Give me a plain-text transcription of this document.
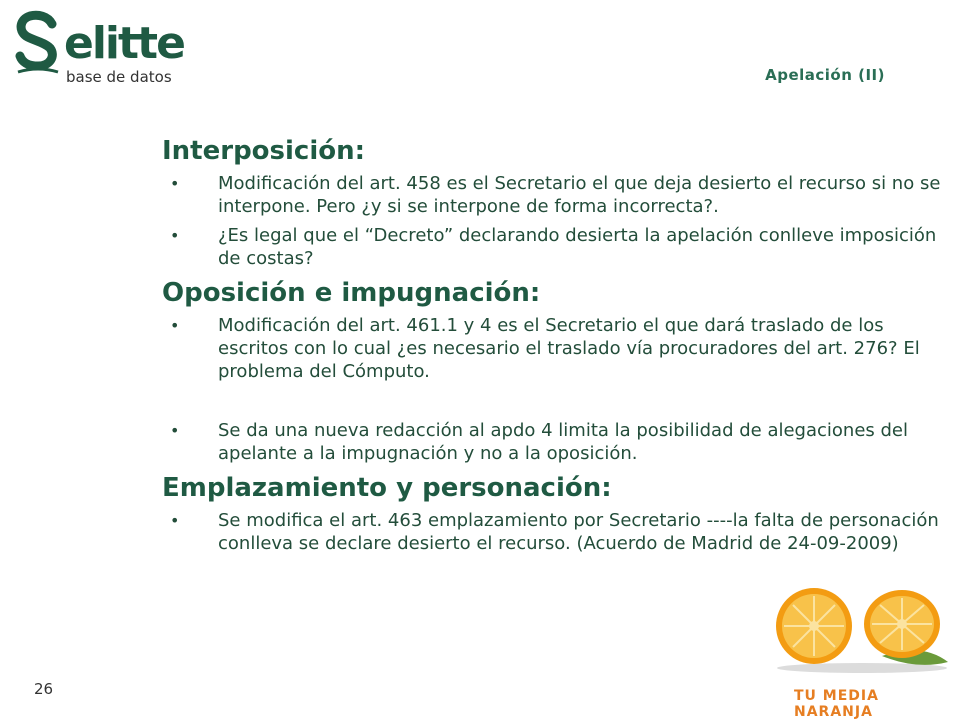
elitte
base de datos	Apelación (II)
Interposición:
• Modificación del art. 458 es el Secretario el que deja desierto el recurso si no se interpone. Pero ¿y si se interpone de forma incorrecta?.
• ¿Es legal que el “Decreto” declarando desierta la apelación conlleve imposición de costas?
Oposición e impugnación:
• Modificación del art. 461.1 y 4 es el Secretario el que dará traslado de los escritos con lo cual ¿es necesario el traslado vía procuradores del art. 276? El problema del Cómputo.
• Se da una nueva redacción al apdo 4 limita la posibilidad de alegaciones del apelante a la impugnación y no a la oposición.
Emplazamiento y personación:
• Se modifica el art. 463 emplazamiento por Secretario ----la falta de personación conlleva se declare desierto el recurso. (Acuerdo de Madrid de 24-09-2009)
26	TU MEDIA NARANJA
